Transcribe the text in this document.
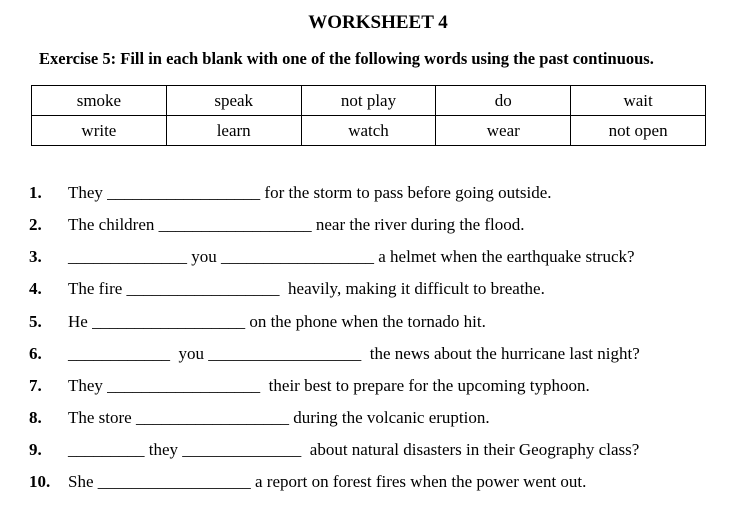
WORKSHEET 4
Exercise 5: Fill in each blank with one of the following words using the past continuous.
smoke	speak	not play	do	wait
write	learn	watch	wear	not open
1. They __________________ for the storm to pass before going outside.
2. The children __________________ near the river during the flood.
3. ______________ you __________________ a helmet when the earthquake struck?
4. The fire __________________  heavily, making it difficult to breathe.
5. He __________________ on the phone when the tornado hit.
6. ____________  you __________________  the news about the hurricane last night?
7. They __________________  their best to prepare for the upcoming typhoon.
8. The store __________________ during the volcanic eruption.
9. _________ they ______________  about natural disasters in their Geography class?
10. She __________________ a report on forest fires when the power went out.
